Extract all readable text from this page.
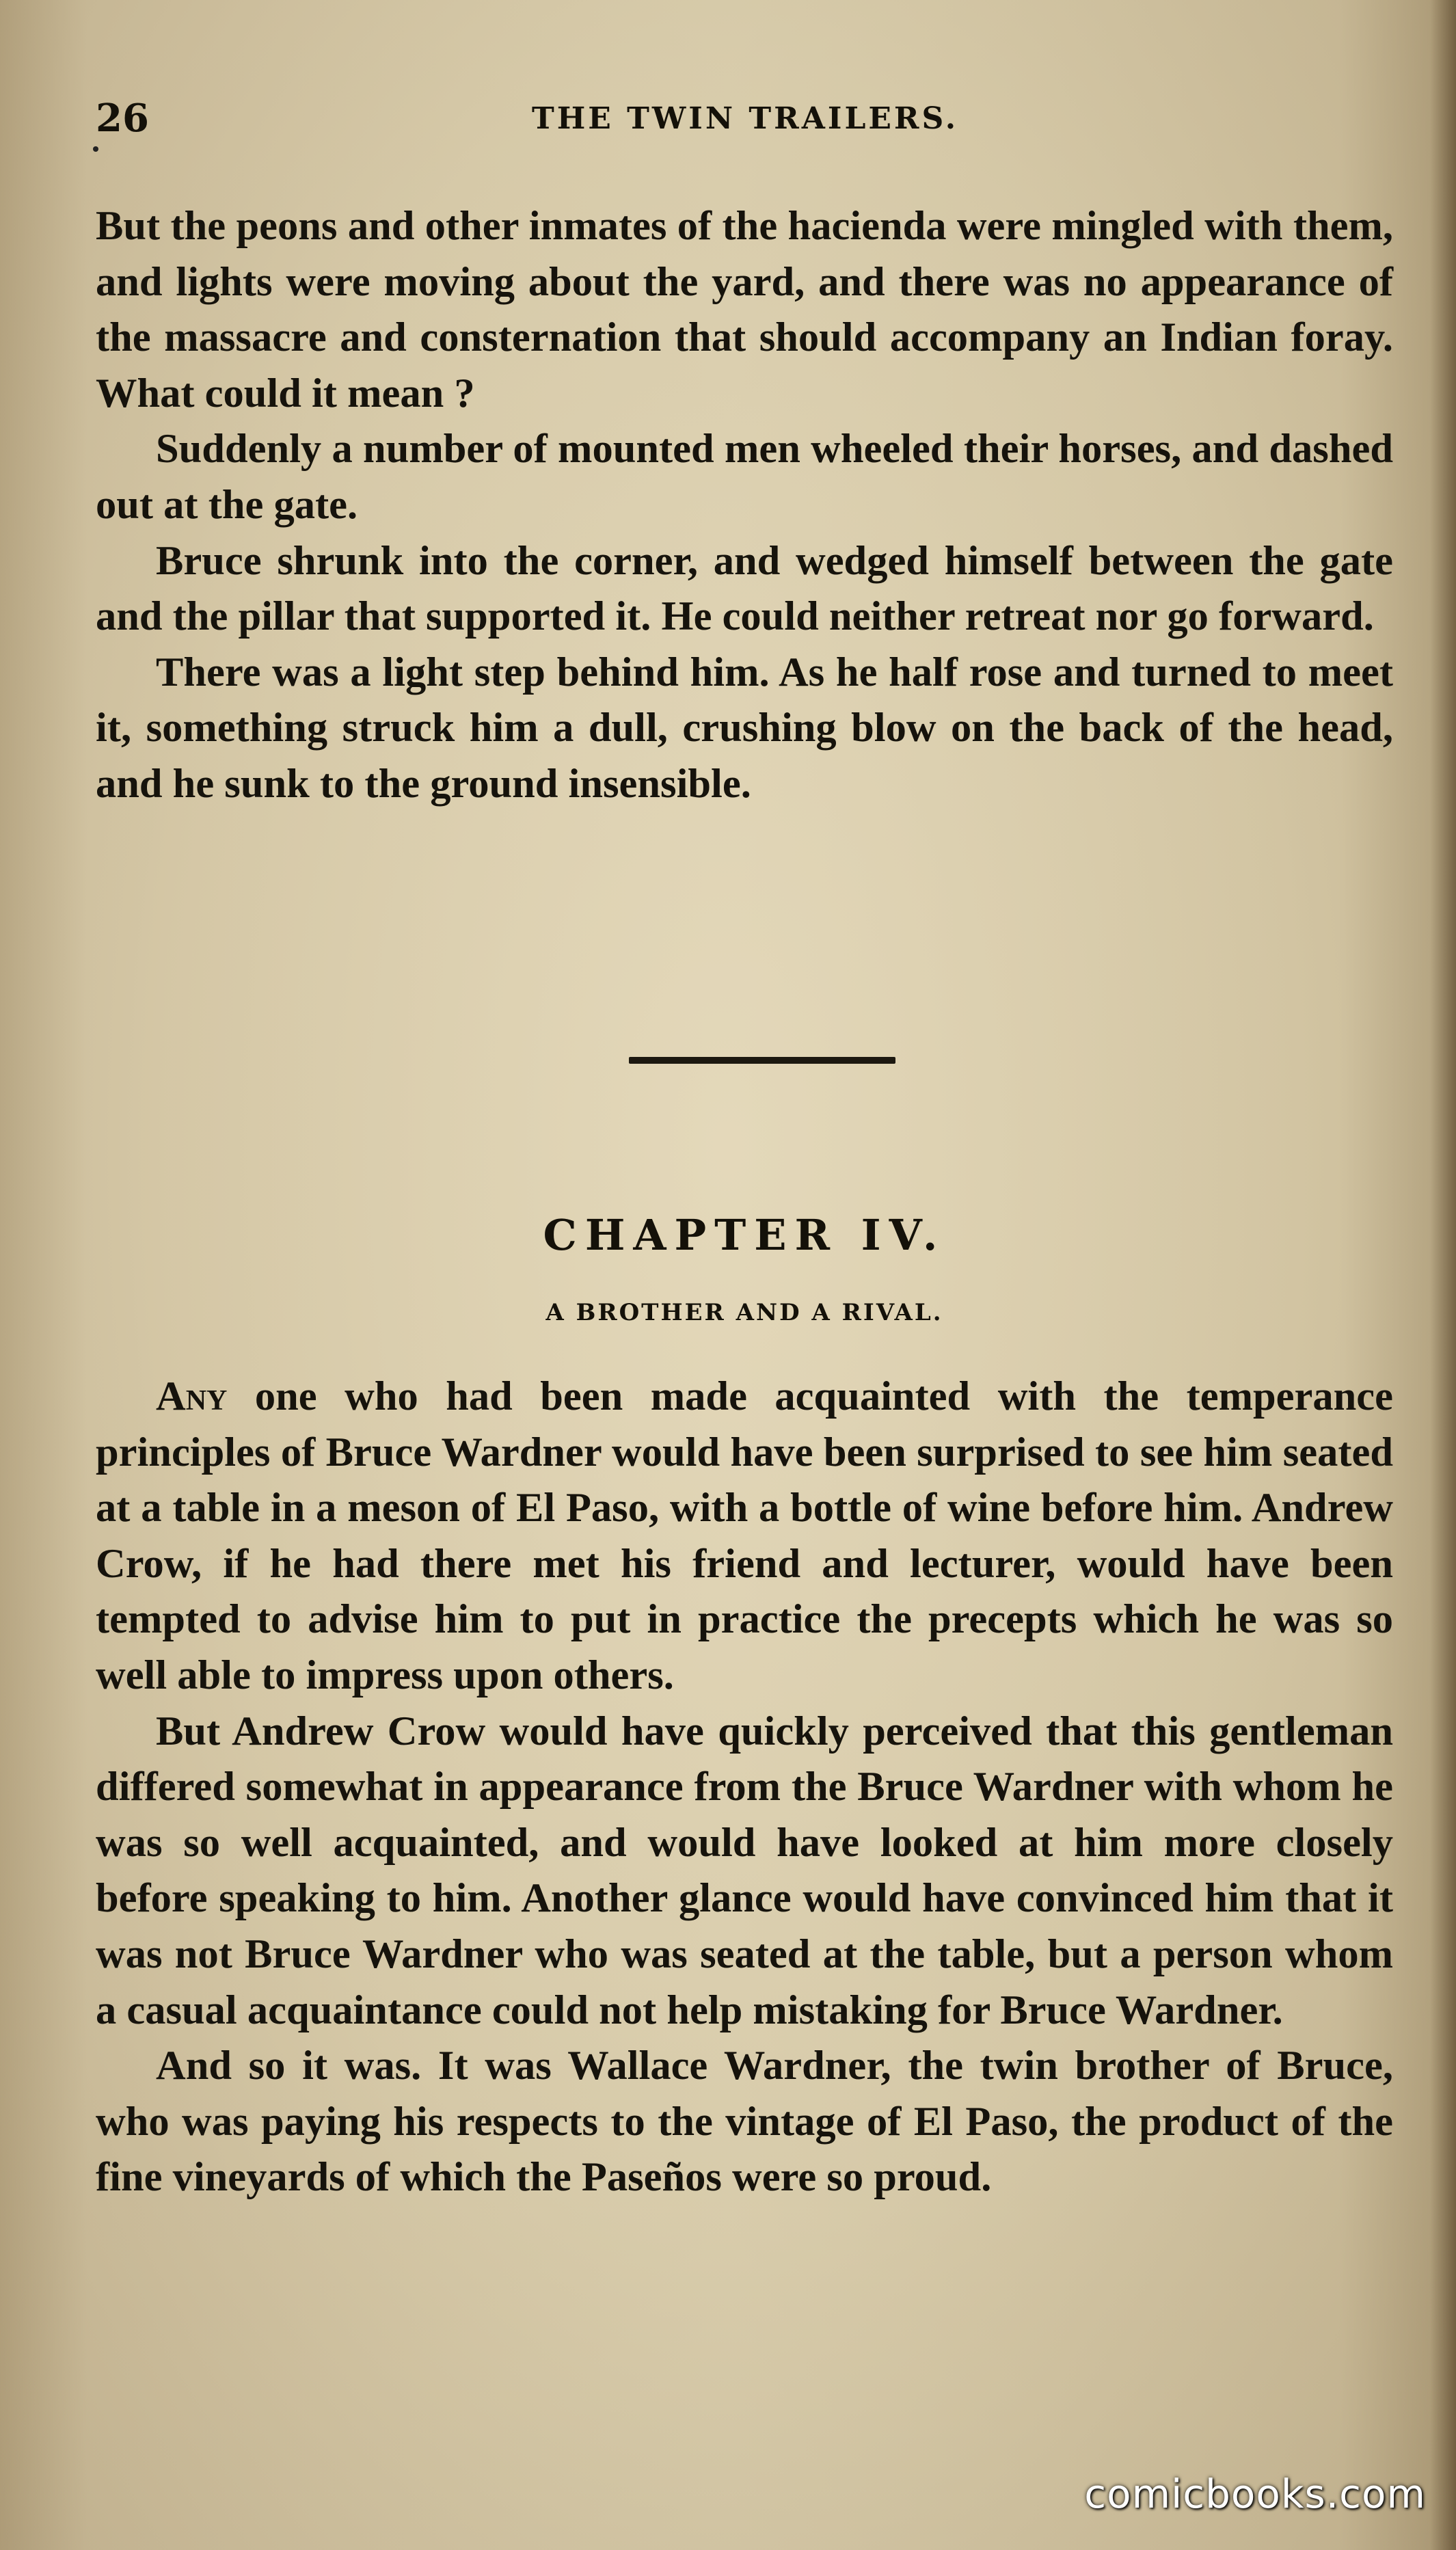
26	THE TWIN TRAILERS.

But the peons and other inmates of the hacienda were mingled with them, and lights were moving about the yard, and there was no appearance of the massacre and consternation that should accompany an Indian foray. What could it mean ?

Suddenly a number of mounted men wheeled their horses, and dashed out at the gate.

Bruce shrunk into the corner, and wedged himself between the gate and the pillar that supported it. He could neither retreat nor go forward.

There was a light step behind him. As he half rose and turned to meet it, something struck him a dull, crushing blow on the back of the head, and he sunk to the ground insensible.

CHAPTER IV.
A BROTHER AND A RIVAL.

Any one who had been made acquainted with the temperance principles of Bruce Wardner would have been surprised to see him seated at a table in a meson of El Paso, with a bottle of wine before him. Andrew Crow, if he had there met his friend and lecturer, would have been tempted to advise him to put in practice the precepts which he was so well able to impress upon others.

But Andrew Crow would have quickly perceived that this gentleman differed somewhat in appearance from the Bruce Wardner with whom he was so well acquainted, and would have looked at him more closely before speaking to him. Another glance would have convinced him that it was not Bruce Wardner who was seated at the table, but a person whom a casual acquaintance could not help mistaking for Bruce Wardner.

And so it was. It was Wallace Wardner, the twin brother of Bruce, who was paying his respects to the vintage of El Paso, the product of the fine vineyards of which the Paseños were so proud.

comicbooks.com
